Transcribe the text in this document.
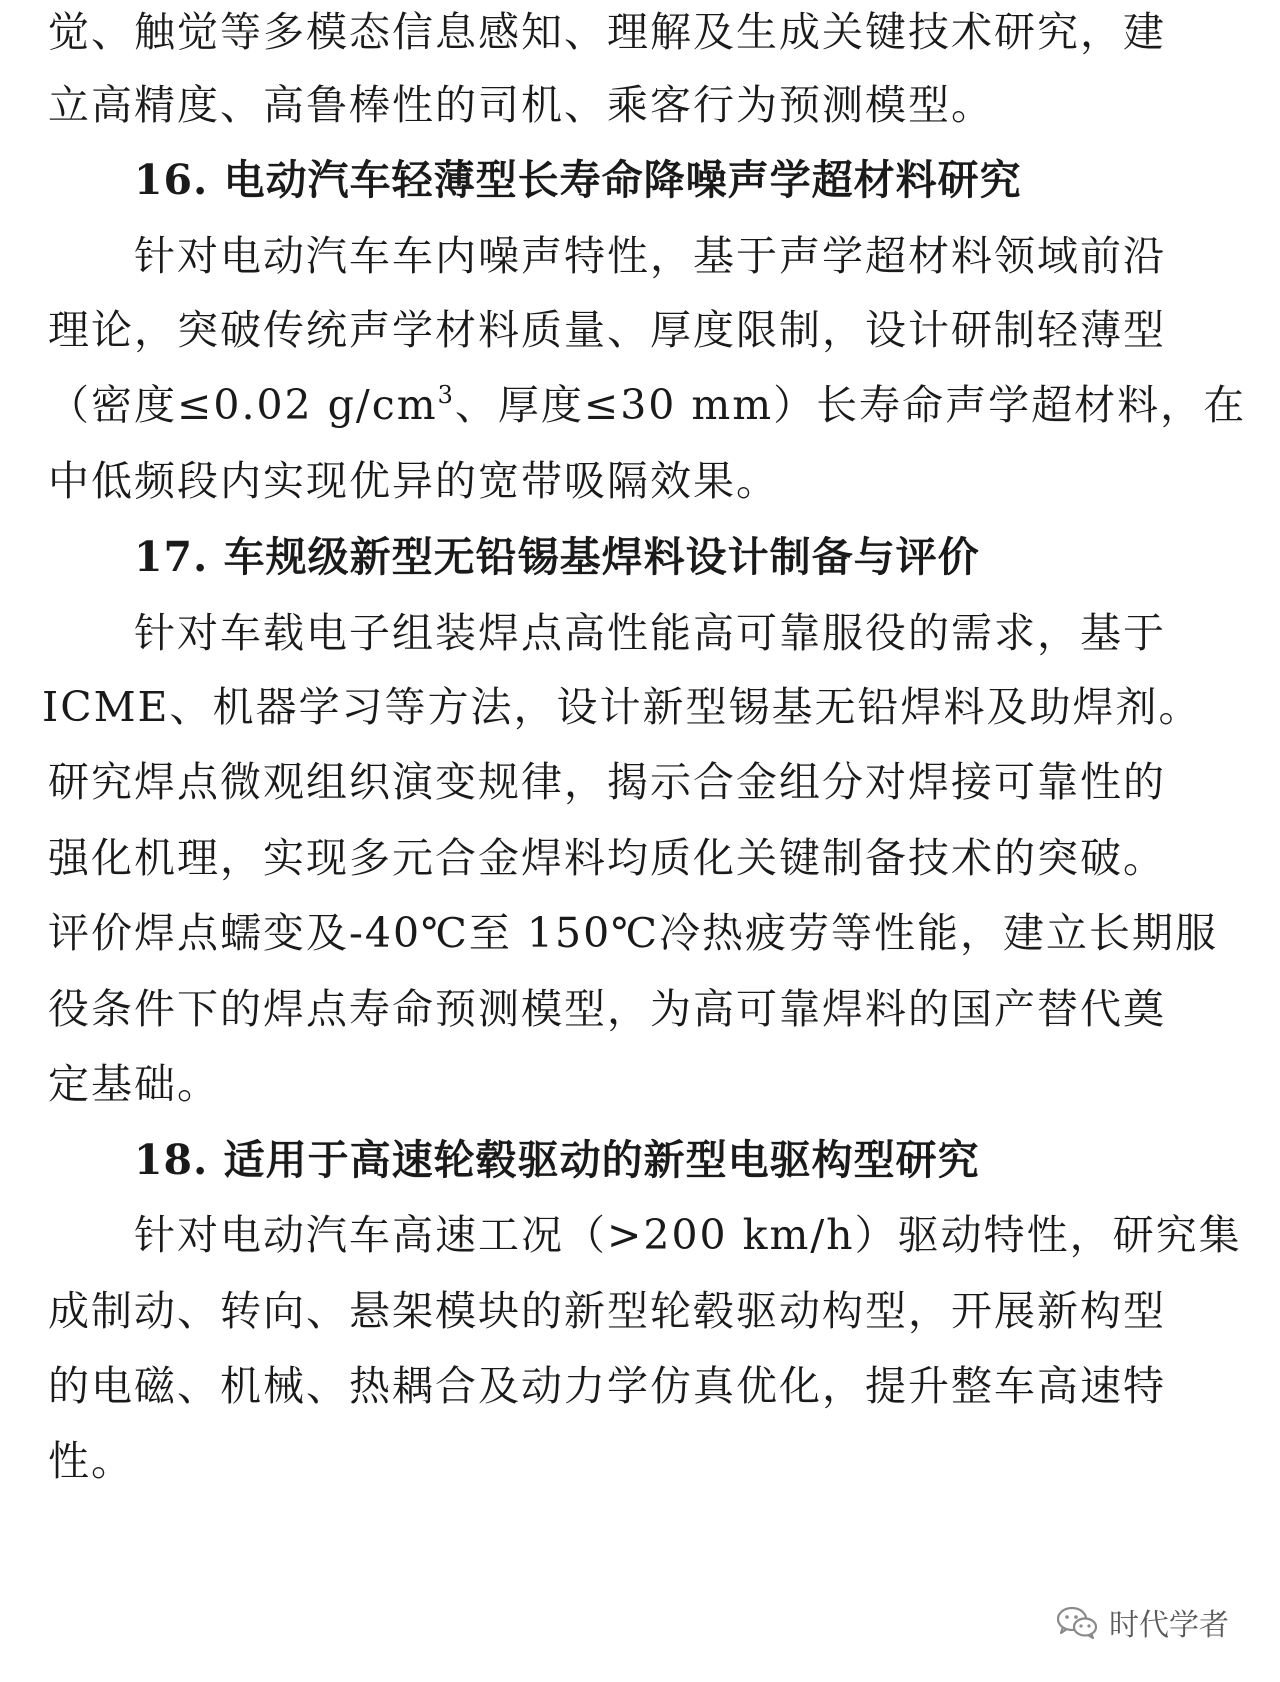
觉、触觉等多模态信息感知、理解及生成关键技术研究，建
立高精度、高鲁棒性的司机、乘客行为预测模型。
16. 电动汽车轻薄型长寿命降噪声学超材料研究
针对电动汽车车内噪声特性，基于声学超材料领域前沿
理论，突破传统声学材料质量、厚度限制，设计研制轻薄型
（密度≤0.02 $g/cm^3$、厚度≤30 mm）长寿命声学超材料，在
中低频段内实现优异的宽带吸隔效果。
17. 车规级新型无铅锡基焊料设计制备与评价
针对车载电子组装焊点高性能高可靠服役的需求，基于
ICME、机器学习等方法，设计新型锡基无铅焊料及助焊剂。
研究焊点微观组织演变规律，揭示合金组分对焊接可靠性的
强化机理，实现多元合金焊料均质化关键制备技术的突破。
评价焊点蠕变及-40℃至 150℃冷热疲劳等性能，建立长期服
役条件下的焊点寿命预测模型，为高可靠焊料的国产替代奠
定基础。
18. 适用于高速轮毂驱动的新型电驱构型研究
针对电动汽车高速工况（>200 km/h）驱动特性，研究集
成制动、转向、悬架模块的新型轮毂驱动构型，开展新构型
的电磁、机械、热耦合及动力学仿真优化，提升整车高速特
性。
时代学者
